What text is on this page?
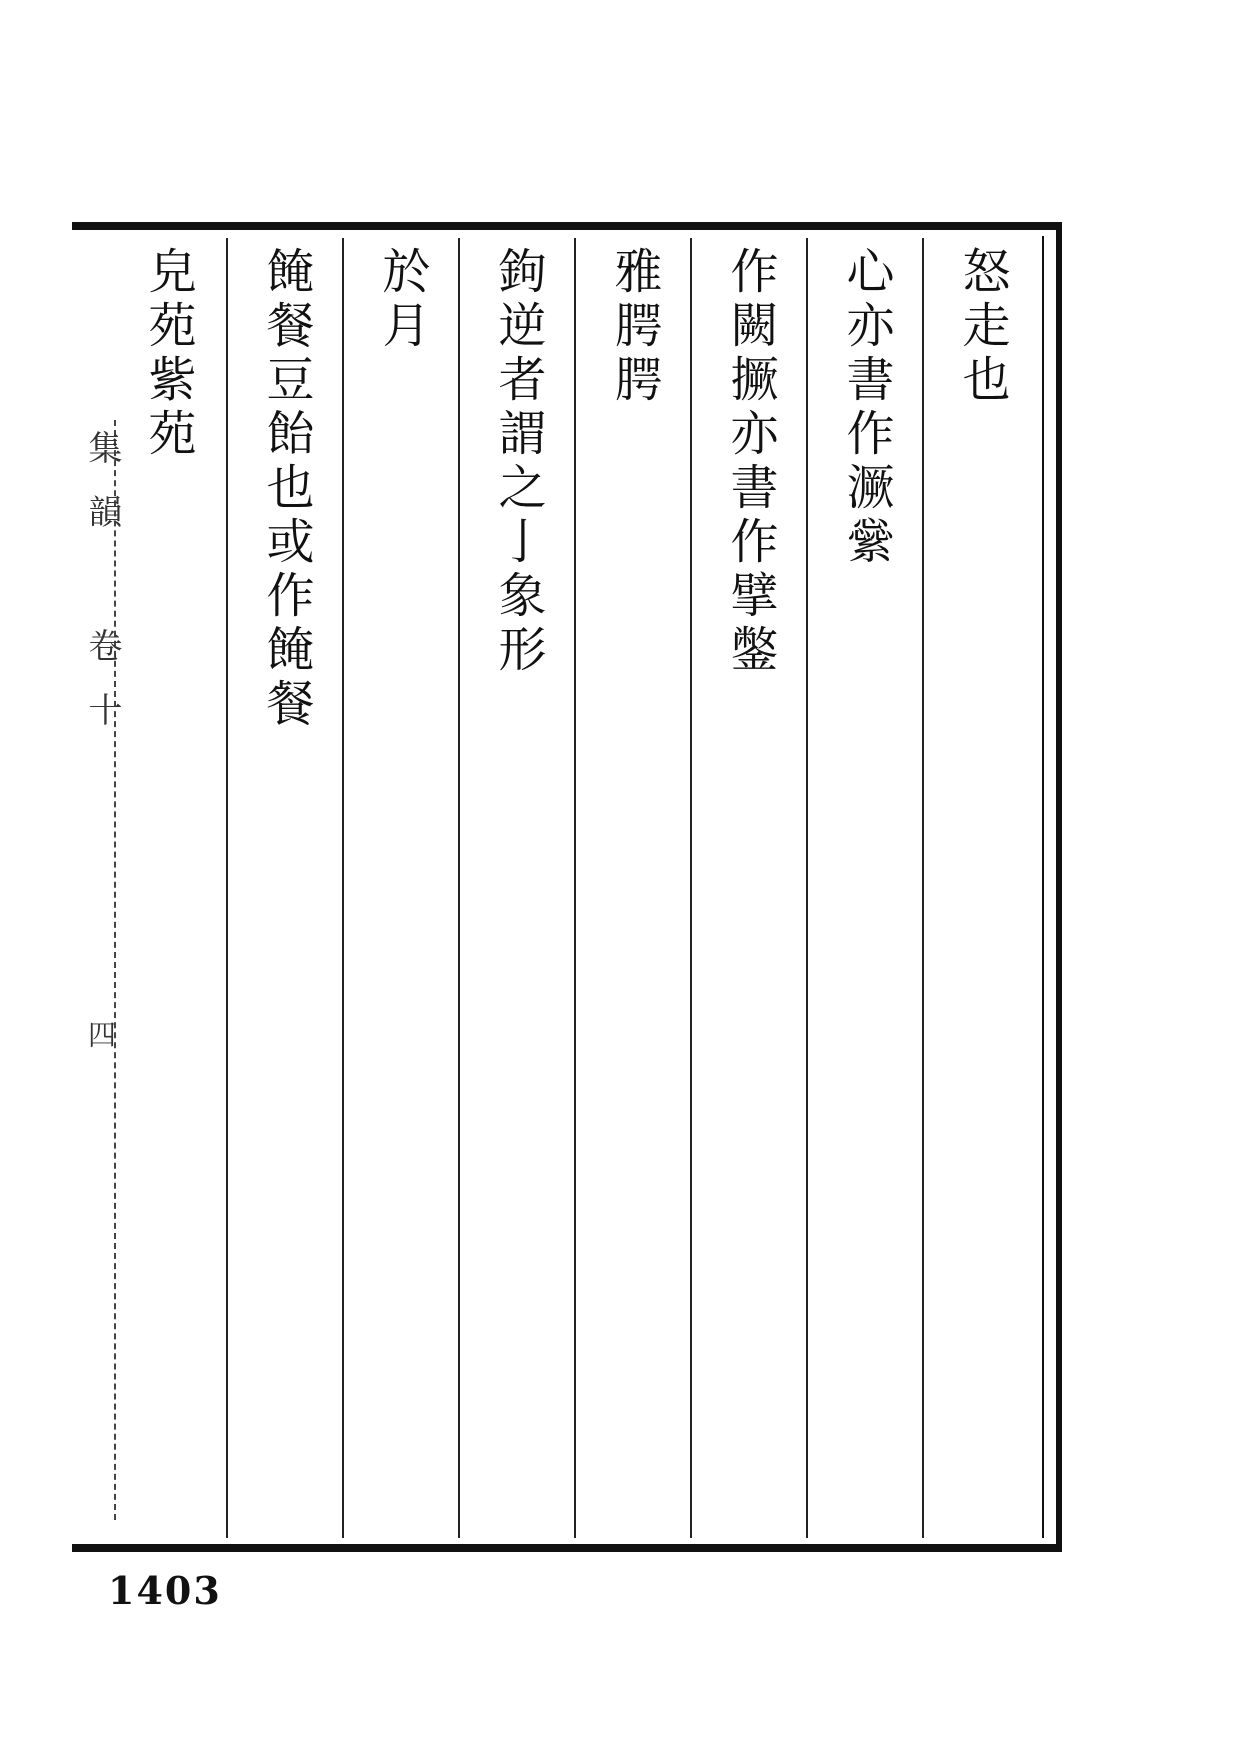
集韻 卷十
四
怒走也
心亦書作㵐繠
作闕撅亦書作擘鐅
雅腭腭
鉤逆者謂之亅象形
於月
餣餐豆飴也或作餣餐
皃苑紫苑
1403
